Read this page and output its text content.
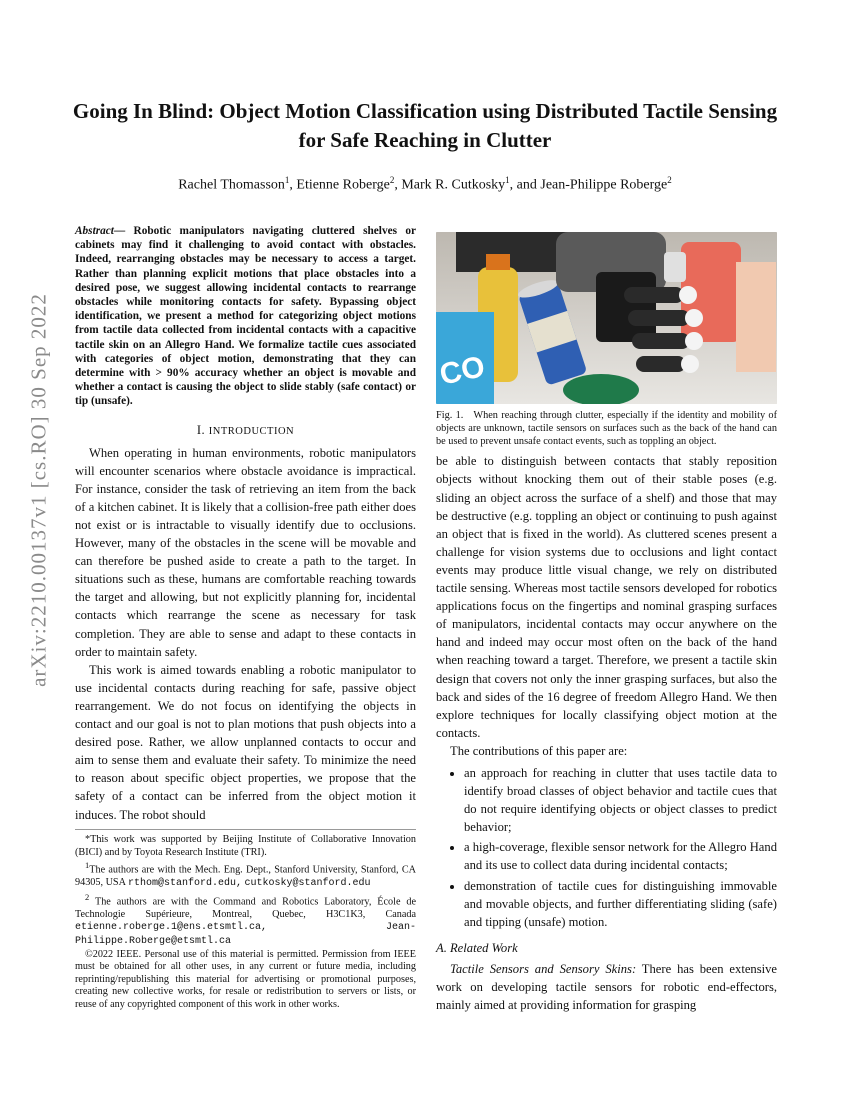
arXiv:2210.00137v1 [cs.RO] 30 Sep 2022
Going In Blind: Object Motion Classification using Distributed Tactile Sensing for Safe Reaching in Clutter
Rachel Thomasson$^1$, Etienne Roberge$^2$, Mark R. Cutkosky$^1$, and Jean-Philippe Roberge$^2$

Abstract— Robotic manipulators navigating cluttered shelves or cabinets may find it challenging to avoid contact with obstacles. Indeed, rearranging obstacles may be necessary to access a target. Rather than planning explicit motions that place obstacles into a desired pose, we suggest allowing incidental contacts to rearrange obstacles while monitoring contacts for safety. Bypassing object identification, we present a method for categorizing object motions from tactile data collected from incidental contacts with a capacitive tactile skin on an Allegro Hand. We formalize tactile cues associated with categories of object motion, demonstrating that they can determine with > 90% accuracy whether an object is movable and whether a contact is causing the object to slide stably (safe contact) or tip (unsafe).

I. INTRODUCTION

When operating in human environments, robotic manipulators will encounter scenarios where obstacle avoidance is impractical. For instance, consider the task of retrieving an item from the back of a kitchen cabinet. It is likely that a collision-free path either does not exist or is intractable to visually identify due to occlusions. However, many of the obstacles in the scene will be movable and can therefore be pushed aside to create a path to the target. In situations such as these, humans are comfortable reaching towards the target and allowing, but not explicitly planning for, incidental contacts which rearrange the scene as necessary for task completion. They are able to sense and adapt to these contacts in order to maintain safety.

This work is aimed towards enabling a robotic manipulator to use incidental contacts during reaching for safe, passive object rearrangement. We do not focus on identifying the objects in contact and our goal is not to plan motions that push objects into a desired pose. Rather, we allow unplanned contacts to occur and aim to sense them and evaluate their safety. To minimize the need to reason about specific object properties, we propose that the safety of a contact can be inferred from the object motion it induces. The robot should

*This work was supported by Beijing Institute of Collaborative Innovation (BICI) and by Toyota Research Institute (TRI).

$^1$The authors are with the Mech. Eng. Dept., Stanford University, Stanford, CA 94305, USA rthom@stanford.edu, cutkosky@stanford.edu

$^2$ The authors are with the Command and Robotics Laboratory, École de Technologie Supérieure, Montreal, Quebec, H3C1K3, Canada etienne.roberge.1@ens.etsmtl.ca,	Jean-Philippe.Roberge@etsmtl.ca

©2022 IEEE. Personal use of this material is permitted. Permission from IEEE must be obtained for all other uses, in any current or future media, including reprinting/republishing this material for advertising or promotional purposes, creating new collective works, for resale or redistribution to servers or lists, or reuse of any copyrighted component of this work in other works.

CO

Fig. 1. When reaching through clutter, especially if the identity and mobility of objects are unknown, tactile sensors on surfaces such as the back of the hand can be used to prevent unsafe contact events, such as toppling an object.

be able to distinguish between contacts that stably reposition objects without knocking them out of their stable poses (e.g. sliding an object across the surface of a shelf) and those that may be destructive (e.g. toppling an object or continuing to push against an object that is fixed in the world). As cluttered scenes present a challenge for vision systems due to occlusions and light contact events may produce little visual change, we rely on distributed tactile sensing. Whereas most tactile sensors developed for robotics applications focus on the fingertips and nominal grasping surfaces of manipulators, incidental contacts may occur anywhere on the hand and indeed may occur most often on the back of the hand when reaching toward a target. Therefore, we present a tactile skin design that covers not only the inner grasping surfaces, but also the back and sides of the 16 degree of freedom Allegro Hand. We then explore techniques for locally classifying object motion at the contacts.

The contributions of this paper are:

• an approach for reaching in clutter that uses tactile data to identify broad classes of object behavior and tactile cues that do not require identifying objects or object classes to predict behavior;
• a high-coverage, flexible sensor network for the Allegro Hand and its use to collect data during incidental contacts;
• demonstration of tactile cues for distinguishing immovable and movable objects, and further differentiating sliding (safe) and tipping (unsafe) motion.
A. Related Work

Tactile Sensors and Sensory Skins: There has been extensive work on developing tactile sensors for robotic end-effectors, mainly aimed at providing information for grasping
